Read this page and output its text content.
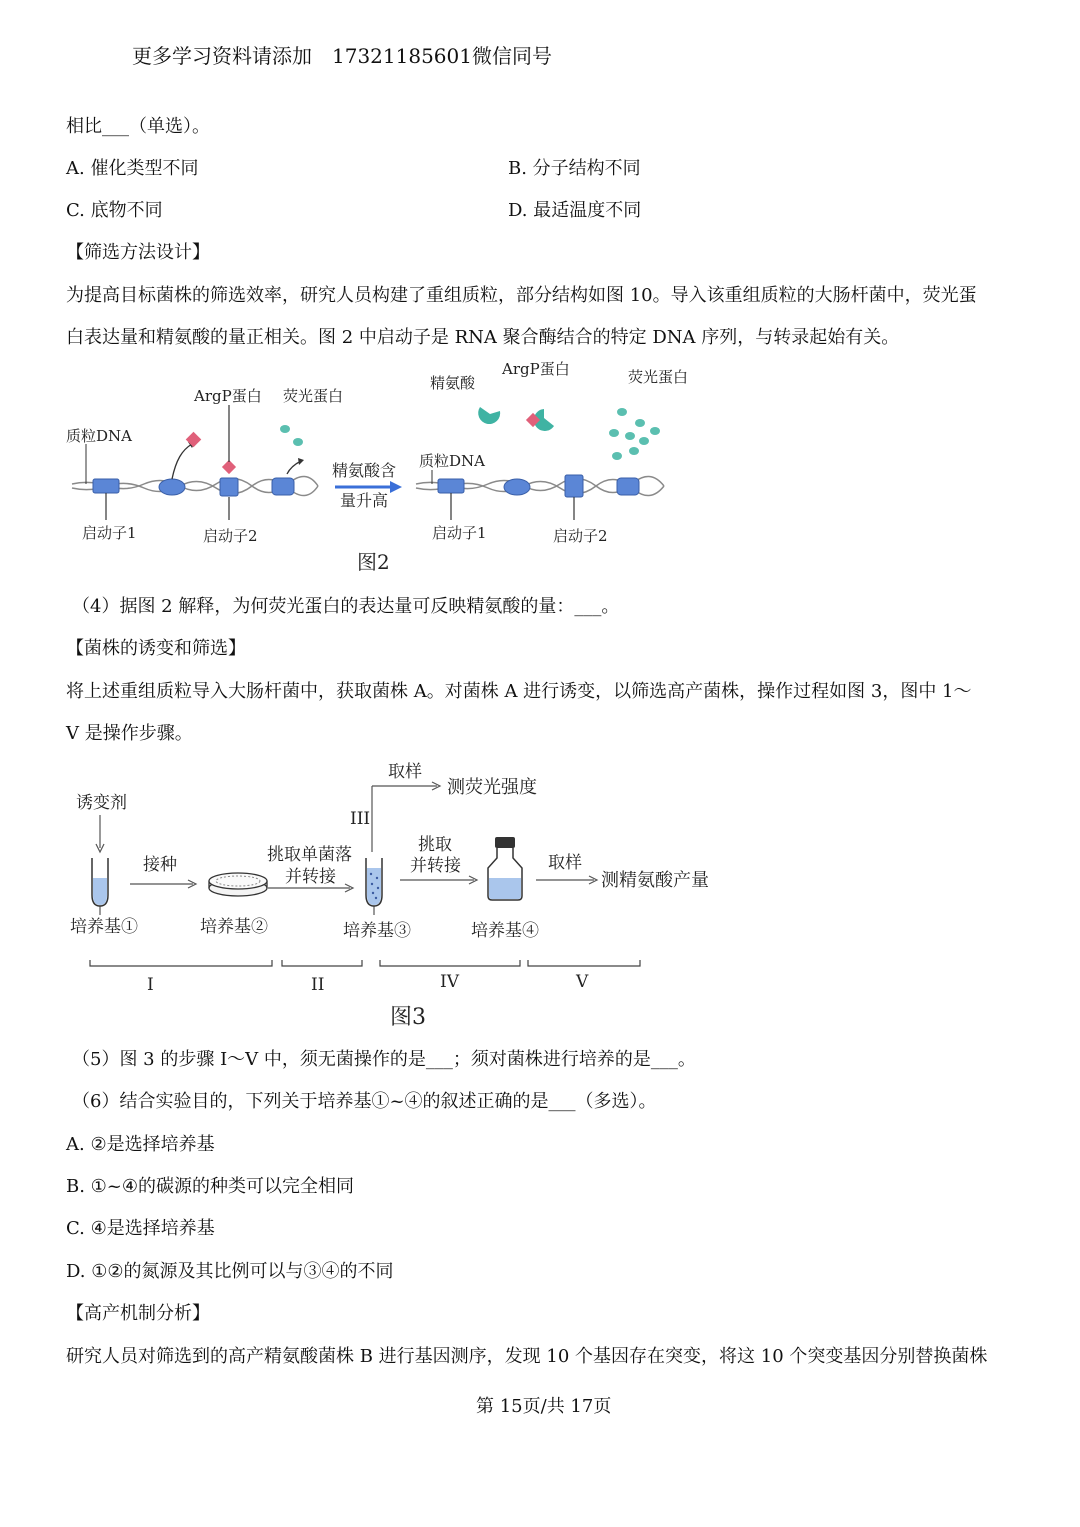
更多学习资料请添加　17321185601微信同号
相比___（单选）。
A. 催化类型不同	B. 分子结构不同
C. 底物不同	D. 最适温度不同
【筛选方法设计】
为提高目标菌株的筛选效率，研究人员构建了重组质粒，部分结构如图 10。导入该重组质粒的大肠杆菌中，荧光蛋
白表达量和精氨酸的量正相关。图 2 中启动子是 RNA 聚合酶结合的特定 DNA 序列，与转录起始有关。
ArgP蛋白 荧光蛋白
质粒DNA
启动子1	启动子2
精氨酸含
量升高
精氨酸
ArgP蛋白	荧光蛋白
质粒DNA
启动子1	启动子2
图2
（4）据图 2 解释，为何荧光蛋白的表达量可反映精氨酸的量：___。
【菌株的诱变和筛选】
将上述重组质粒导入大肠杆菌中，获取菌株 A。对菌株 A 进行诱变，以筛选高产菌株，操作过程如图 3，图中 1～
V 是操作步骤。
诱变剂
接种	挑取单菌落
并转接
III
取样
测荧光强度
挑取
并转接	取样
测精氨酸产量
培养基①	培养基②	培养基③	培养基④
I	II	IV	V
图3
（5）图 3 的步骤 I～V 中，须无菌操作的是___；须对菌株进行培养的是___。
（6）结合实验目的，下列关于培养基①~④的叙述正确的是___（多选）。
A. ②是选择培养基
B. ①~④的碳源的种类可以完全相同
C. ④是选择培养基
D. ①②的氮源及其比例可以与③④的不同
【高产机制分析】
研究人员对筛选到的高产精氨酸菌株 B 进行基因测序，发现 10 个基因存在突变，将这 10 个突变基因分别替换菌株
第 15页/共 17页
